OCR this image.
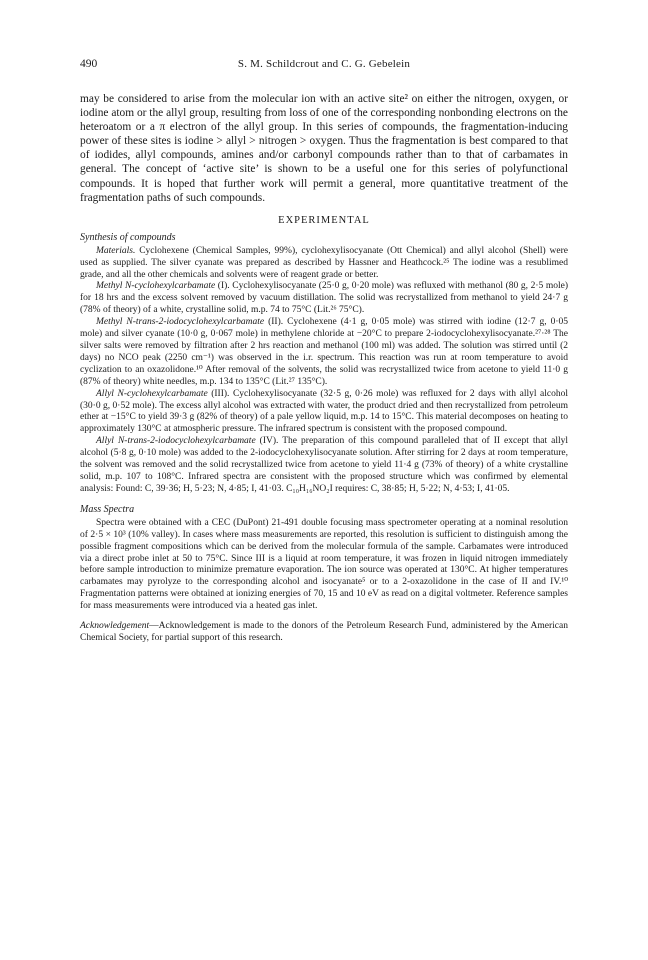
490	S. M. Schildcrout and C. G. Gebelein

may be considered to arise from the molecular ion with an active site² on either the nitrogen, oxygen, or iodine atom or the allyl group, resulting from loss of one of the corresponding nonbonding electrons on the heteroatom or a π electron of the allyl group. In this series of compounds, the fragmentation-inducing power of these sites is iodine > allyl > nitrogen > oxygen. Thus the fragmentation is best compared to that of iodides, allyl compounds, amines and/or carbonyl compounds rather than to that of carbamates in general. The concept of ‘active site’ is shown to be a useful one for this series of polyfunctional compounds. It is hoped that further work will permit a general, more quantitative treatment of the fragmentation paths of such compounds.

EXPERIMENTAL

Synthesis of compounds

Materials. Cyclohexene (Chemical Samples, 99%), cyclohexylisocyanate (Ott Chemical) and allyl alcohol (Shell) were used as supplied. The silver cyanate was prepared as described by Hassner and Heathcock.²⁵ The iodine was a resublimed grade, and all the other chemicals and solvents were of reagent grade or better.

Methyl N-cyclohexylcarbamate (I). Cyclohexylisocyanate (25·0 g, 0·20 mole) was refluxed with methanol (80 g, 2·5 mole) for 18 hrs and the excess solvent removed by vacuum distillation. The solid was recrystallized from methanol to yield 24·7 g (78% of theory) of a white, crystalline solid, m.p. 74 to 75°C (Lit.²⁶ 75°C).

Methyl N-trans-2-iodocyclohexylcarbamate (II). Cyclohexene (4·1 g, 0·05 mole) was stirred with iodine (12·7 g, 0·05 mole) and silver cyanate (10·0 g, 0·067 mole) in methylene chloride at −20°C to prepare 2-iodocyclohexylisocyanate.²⁷·²⁸ The silver salts were removed by filtration after 2 hrs reaction and methanol (100 ml) was added. The solution was stirred until (2 days) no NCO peak (2250 cm⁻¹) was observed in the i.r. spectrum. This reaction was run at room temperature to avoid cyclization to an oxazolidone.¹⁰ After removal of the solvents, the solid was recrystallized twice from acetone to yield 11·0 g (87% of theory) white needles, m.p. 134 to 135°C (Lit.²⁷ 135°C).

Allyl N-cyclohexylcarbamate (III). Cyclohexylisocyanate (32·5 g, 0·26 mole) was refluxed for 2 days with allyl alcohol (30·0 g, 0·52 mole). The excess allyl alcohol was extracted with water, the product dried and then recrystallized from petroleum ether at −15°C to yield 39·3 g (82% of theory) of a pale yellow liquid, m.p. 14 to 15°C. This material decomposes on heating to approximately 130°C at atmospheric pressure. The infrared spectrum is consistent with the proposed compound.

Allyl N-trans-2-iodocyclohexylcarbamate (IV). The preparation of this compound paralleled that of II except that allyl alcohol (5·8 g, 0·10 mole) was added to the 2-iodocyclohexylisocyanate solution. After stirring for 2 days at room temperature, the solvent was removed and the solid recrystallized twice from acetone to yield 11·4 g (73% of theory) of a white crystalline solid, m.p. 107 to 108°C. Infrared spectra are consistent with the proposed structure which was confirmed by elemental analysis: Found: C, 39·36; H, 5·23; N, 4·85; I, 41·03. C₁₀H₁₆NO₂I requires: C, 38·85; H, 5·22; N, 4·53; I, 41·05.

Mass Spectra

Spectra were obtained with a CEC (DuPont) 21-491 double focusing mass spectrometer operating at a nominal resolution of 2·5 × 10³ (10% valley). In cases where mass measurements are reported, this resolution is sufficient to distinguish among the possible fragment compositions which can be derived from the molecular formula of the sample. Carbamates were introduced via a direct probe inlet at 50 to 75°C. Since III is a liquid at room temperature, it was frozen in liquid nitrogen immediately before sample introduction to minimize premature evaporation. The ion source was operated at 130°C. At higher temperatures carbamates may pyrolyze to the corresponding alcohol and isocyanate⁵ or to a 2-oxazolidone in the case of II and IV.¹⁰ Fragmentation patterns were obtained at ionizing energies of 70, 15 and 10 eV as read on a digital voltmeter. Reference samples for mass measurements were introduced via a heated gas inlet.

Acknowledgement—Acknowledgement is made to the donors of the Petroleum Research Fund, administered by the American Chemical Society, for partial support of this research.
